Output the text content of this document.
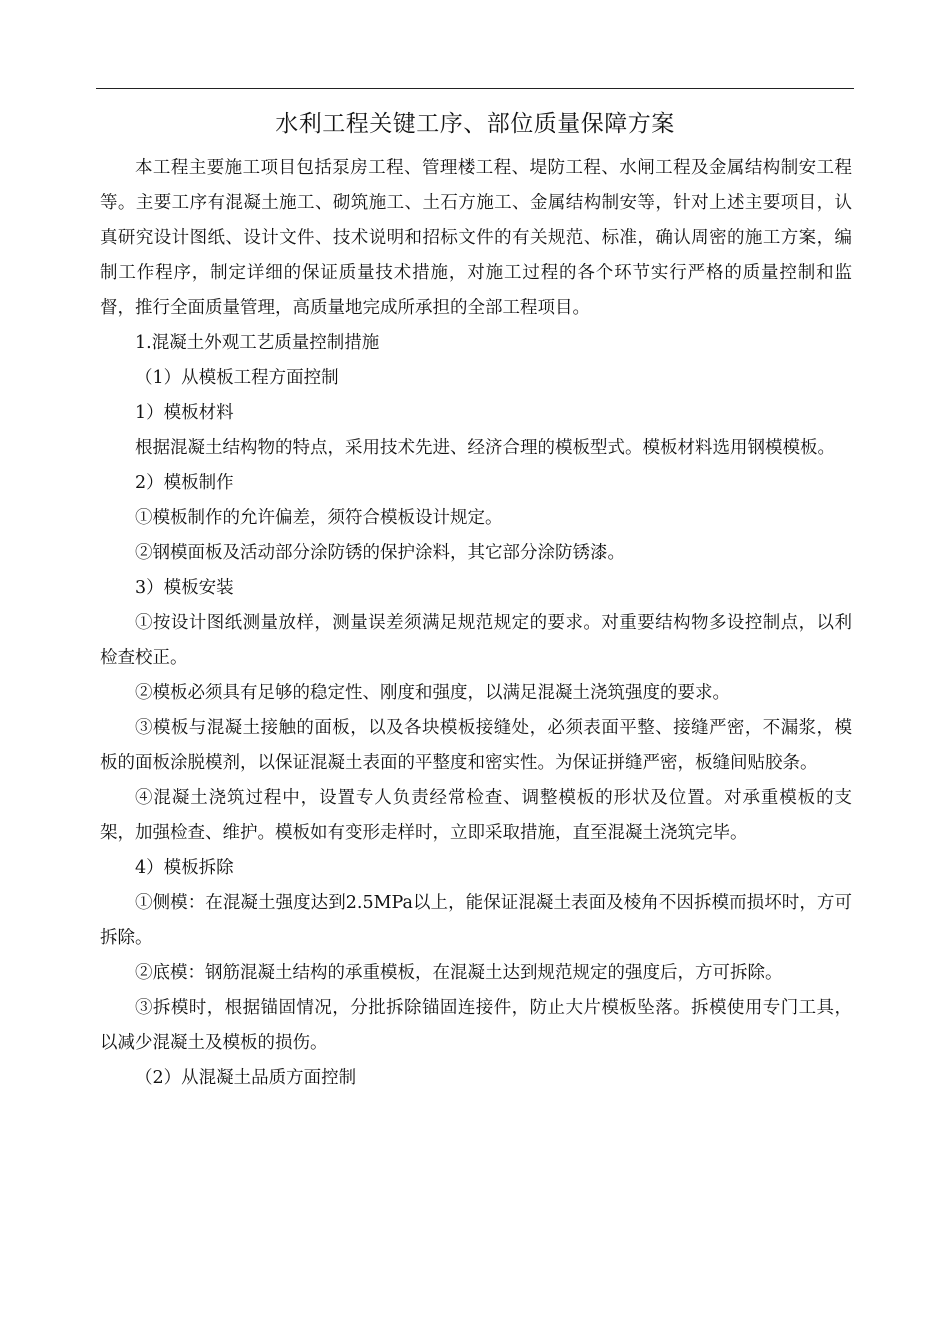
水利工程关键工序、部位质量保障方案

本工程主要施工项目包括泵房工程、管理楼工程、堤防工程、水闸工程及金属结构制安工程等。主要工序有混凝土施工、砌筑施工、土石方施工、金属结构制安等，针对上述主要项目，认真研究设计图纸、设计文件、技术说明和招标文件的有关规范、标准，确认周密的施工方案，编制工作程序，制定详细的保证质量技术措施，对施工过程的各个环节实行严格的质量控制和监督，推行全面质量管理，高质量地完成所承担的全部工程项目。

1.混凝土外观工艺质量控制措施

（1）从模板工程方面控制

1）模板材料

根据混凝土结构物的特点，采用技术先进、经济合理的模板型式。模板材料选用钢模模板。

2）模板制作

①模板制作的允许偏差，须符合模板设计规定。

②钢模面板及活动部分涂防锈的保护涂料，其它部分涂防锈漆。

3）模板安装

①按设计图纸测量放样，测量误差须满足规范规定的要求。对重要结构物多设控制点，以利检查校正。

②模板必须具有足够的稳定性、刚度和强度，以满足混凝土浇筑强度的要求。

③模板与混凝土接触的面板，以及各块模板接缝处，必须表面平整、接缝严密，不漏浆，模板的面板涂脱模剂，以保证混凝土表面的平整度和密实性。为保证拼缝严密，板缝间贴胶条。

④混凝土浇筑过程中，设置专人负责经常检查、调整模板的形状及位置。对承重模板的支架，加强检查、维护。模板如有变形走样时，立即采取措施，直至混凝土浇筑完毕。

4）模板拆除

①侧模：在混凝土强度达到2.5MPa以上，能保证混凝土表面及棱角不因拆模而损坏时，方可拆除。

②底模：钢筋混凝土结构的承重模板，在混凝土达到规范规定的强度后，方可拆除。

③拆模时，根据锚固情况，分批拆除锚固连接件，防止大片模板坠落。拆模使用专门工具，以减少混凝土及模板的损伤。

（2）从混凝土品质方面控制
